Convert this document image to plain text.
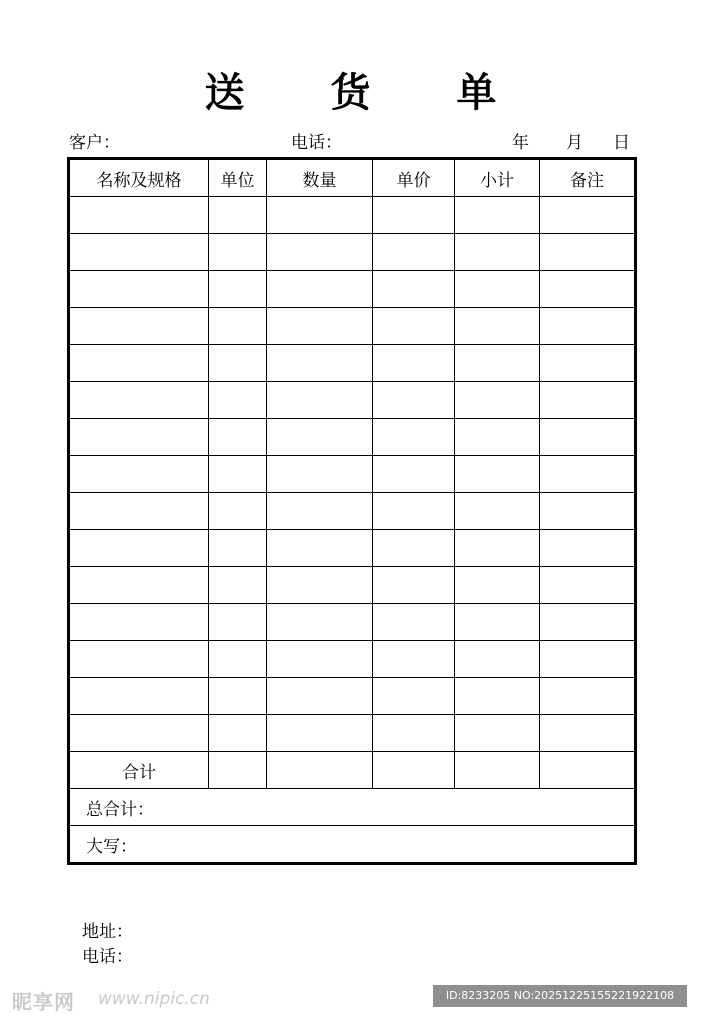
送 货 单
客户：	电话：	年 月 日
名称及规格	单位	数量	单价	小计	备注

合计					
总合计：					
大写：					
地址：
电话：
昵享网 www.nipic.cn	ID:8233205 NO:20251225155221922108
